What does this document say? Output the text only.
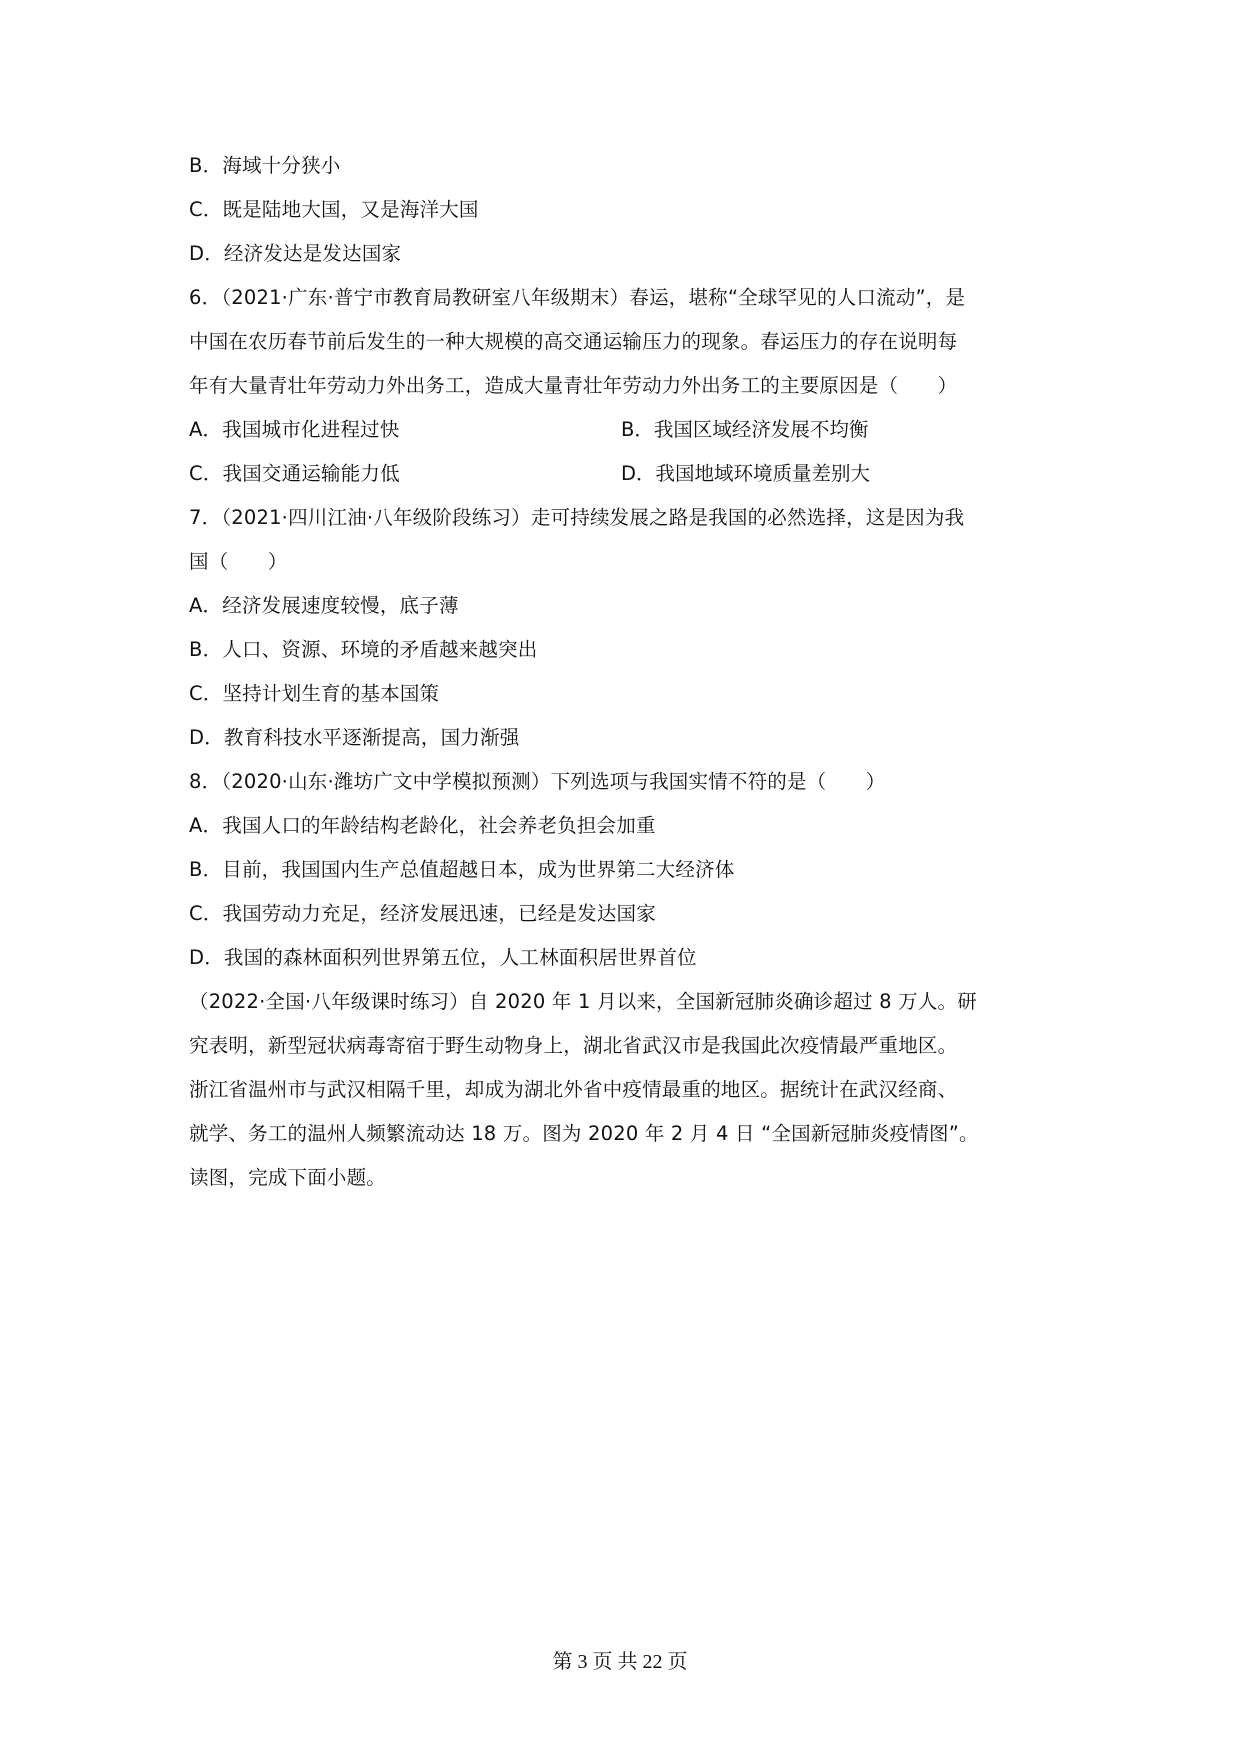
B．海域十分狭小
C．既是陆地大国，又是海洋大国
D．经济发达是发达国家
6．（2021·广东·普宁市教育局教研室八年级期末）春运，堪称“全球罕见的人口流动”，是
中国在农历春节前后发生的一种大规模的高交通运输压力的现象。春运压力的存在说明每
年有大量青壮年劳动力外出务工，造成大量青壮年劳动力外出务工的主要原因是（　　）
A．我国城市化进程过快	B．我国区域经济发展不均衡
C．我国交通运输能力低	D．我国地域环境质量差别大
7．（2021·四川江油·八年级阶段练习）走可持续发展之路是我国的必然选择，这是因为我
国（　　）
A．经济发展速度较慢，底子薄
B．人口、资源、环境的矛盾越来越突出
C．坚持计划生育的基本国策
D．教育科技水平逐渐提高，国力渐强
8．（2020·山东·潍坊广文中学模拟预测）下列选项与我国实情不符的是（　　）
A．我国人口的年龄结构老龄化，社会养老负担会加重
B．目前，我国国内生产总值超越日本，成为世界第二大经济体
C．我国劳动力充足，经济发展迅速，已经是发达国家
D．我国的森林面积列世界第五位，人工林面积居世界首位
（2022·全国·八年级课时练习）自 2020 年 1 月以来，全国新冠肺炎确诊超过 8 万人。研
究表明，新型冠状病毒寄宿于野生动物身上，湖北省武汉市是我国此次疫情最严重地区。
浙江省温州市与武汉相隔千里，却成为湖北外省中疫情最重的地区。据统计在武汉经商、
就学、务工的温州人频繁流动达 18 万。图为 2020 年 2 月 4 日 “全国新冠肺炎疫情图”。
读图，完成下面小题。
第 3 页 共 22 页
